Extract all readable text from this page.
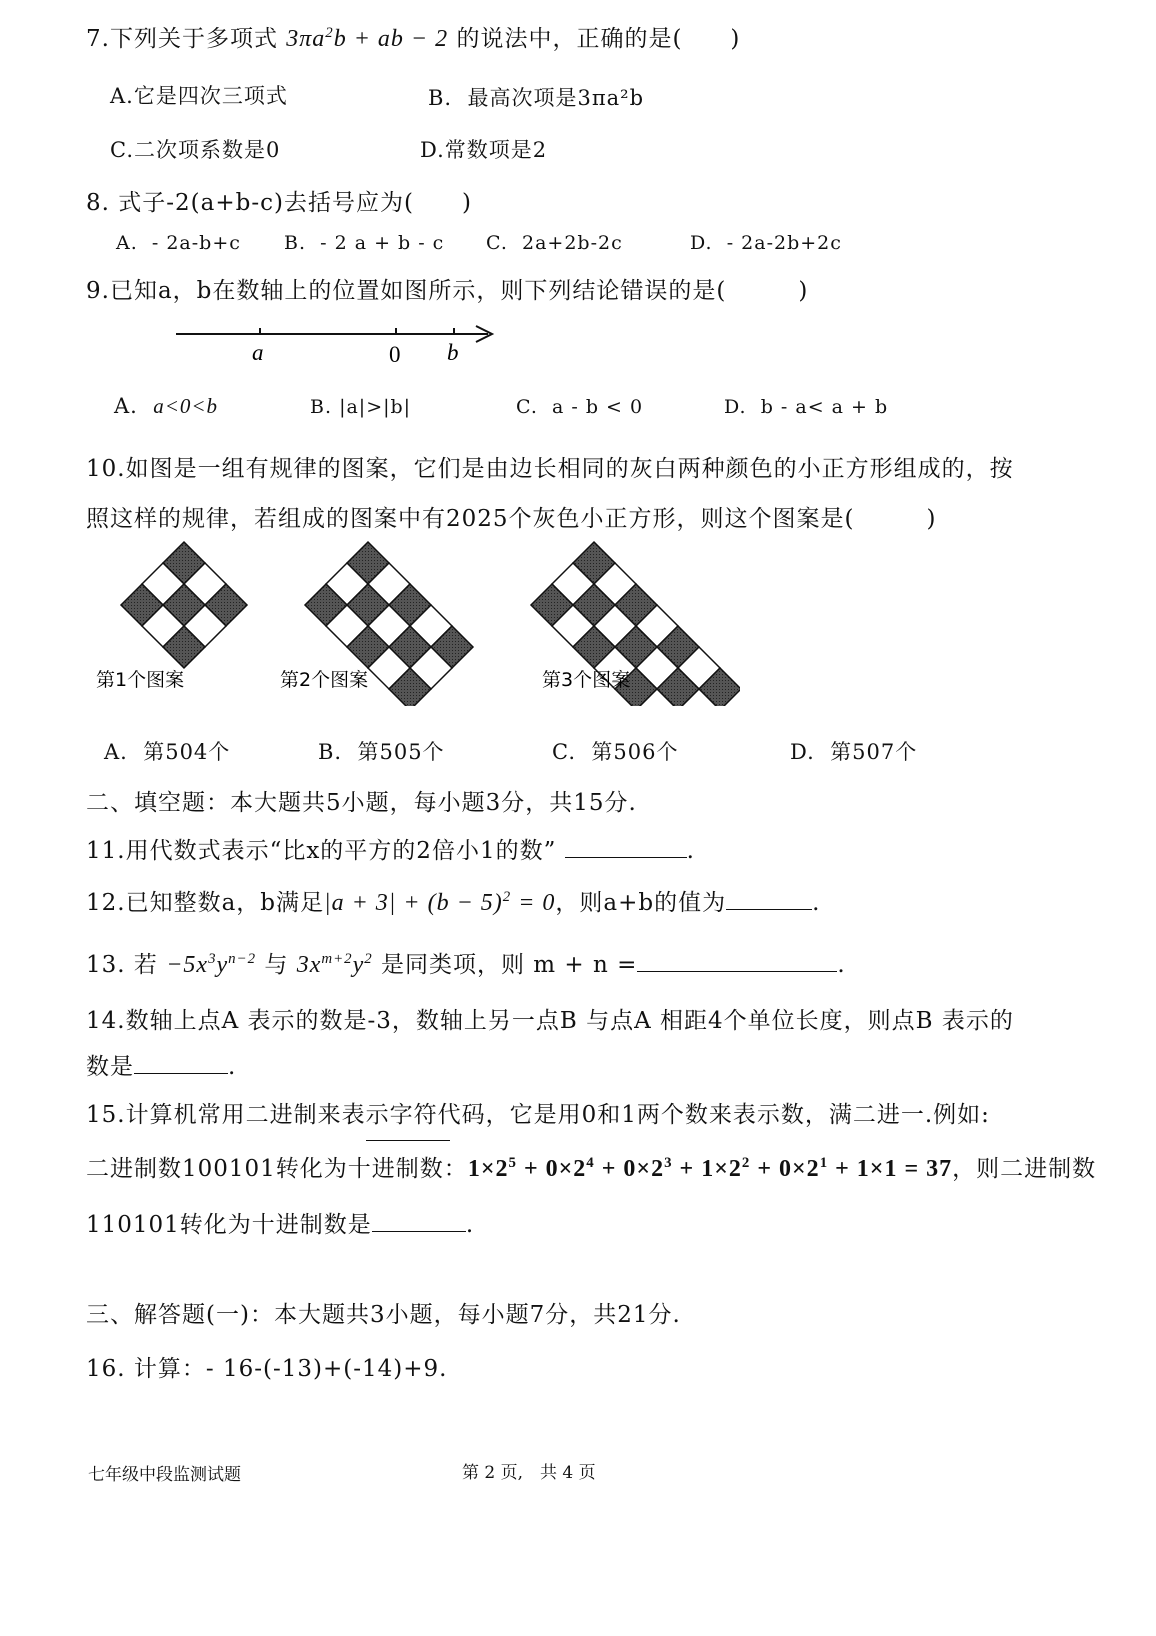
7.下列关于多项式 $3\pi a^2b$ + ab − 2 的说法中，正确的是(　　)
A.它是四次三项式	B. 最高次项是3πa²b
C.二次项系数是0	D.常数项是2
8. 式子-2(a+b-c)去括号应为(　　)
A. - 2a-b+c B. - 2 a + b - c C. 2a+2b-2c	D. - 2a-2b+2c
9.已知a，b在数轴上的位置如图所示，则下列结论错误的是(　　　)
a	0 b
A. a<0<b	B. |a|>|b|	C. a - b < 0	D. b - a< a + b
10.如图是一组有规律的图案，它们是由边长相同的灰白两种颜色的小正方形组成的，按
照这样的规律，若组成的图案中有2025个灰色小正方形，则这个图案是(　　　)
第1个图案	第2个图案	第3个图案
A. 第504个	B. 第505个	C. 第506个	D. 第507个
二、填空题：本大题共5小题，每小题3分，共15分.
11.用代数式表示“比x的平方的2倍小1的数”	.
12.已知整数a，b满足$|a + 3| + (b - 5)^2 = 0$，则a+b的值为	.
13. 若 $-5x^3y^{n-2}$ 与 $3x^{m+2}y^2$ 是同类项，则 m + n =	.
14.数轴上点A 表示的数是-3，数轴上另一点B 与点A 相距4个单位长度，则点B 表示的
数是	.
15.计算机常用二进制来表示字符代码，它是用0和1两个数来表示数，满二进一.例如:
二进制数100101转化为十进制数：$1\times 2^5 + 0\times 2^4 + 0\times 2^3 + 1\times 2^2 + 0\times 2^1 + 1\times 1 = 37$，则二进制数
110101转化为十进制数是	.
三、解答题(一)：本大题共3小题，每小题7分，共21分.
16. 计算：- 16-(-13)+(-14)+9.
七年级中段监测试题	第 2 页,　共 4 页
